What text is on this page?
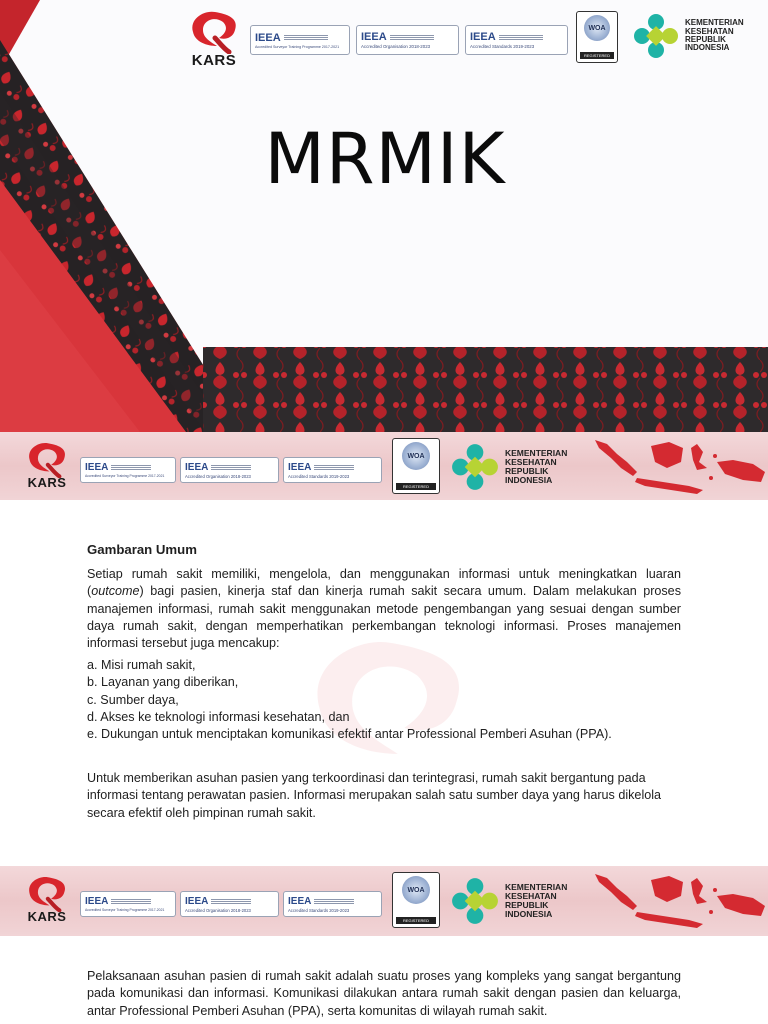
KARS
IEEA
Accredited Surveyor Training Programme 2017-2021
IEEA
Accredited Organisation 2018-2023
IEEA
Accredited Standards 2019-2023
WOA
REGISTERED
KEMENTERIAN
KESEHATAN
REPUBLIK
INDONESIA
MRMIK
KARS
IEEA
Accredited Surveyor Training Programme 2017-2021
IEEA
Accredited Organisation 2018-2023
IEEA
Accredited Standards 2019-2023
WOA
REGISTERED
KEMENTERIAN
KESEHATAN
REPUBLIK
INDONESIA
Gambaran Umum

Setiap rumah sakit memiliki, mengelola, dan menggunakan informasi untuk meningkatkan luaran (outcome) bagi pasien, kinerja staf dan kinerja rumah sakit secara umum. Dalam melakukan proses manajemen informasi, rumah sakit menggunakan metode pengembangan yang sesuai dengan sumber daya rumah sakit, dengan memperhatikan perkembangan teknologi informasi. Proses manajemen informasi tersebut juga mencakup:

a. Misi rumah sakit,
b. Layanan yang diberikan,
c. Sumber daya,
d. Akses ke teknologi informasi kesehatan, dan
e. Dukungan untuk menciptakan komunikasi efektif antar Professional Pemberi Asuhan (PPA).

Untuk memberikan asuhan pasien yang terkoordinasi dan terintegrasi, rumah sakit bergantung pada informasi tentang perawatan pasien. Informasi merupakan salah satu sumber daya yang harus dikelola secara efektif oleh pimpinan rumah sakit.

KARS
IEEA
Accredited Surveyor Training Programme 2017-2021
IEEA
Accredited Organisation 2018-2023
IEEA
Accredited Standards 2019-2023
WOA
REGISTERED
KEMENTERIAN
KESEHATAN
REPUBLIK
INDONESIA

Pelaksanaan asuhan pasien di rumah sakit adalah suatu proses yang kompleks yang sangat bergantung pada komunikasi dan informasi. Komunikasi dilakukan antara rumah sakit dengan pasien dan keluarga, antar Professional Pemberi Asuhan (PPA), serta komunitas di wilayah rumah sakit.
